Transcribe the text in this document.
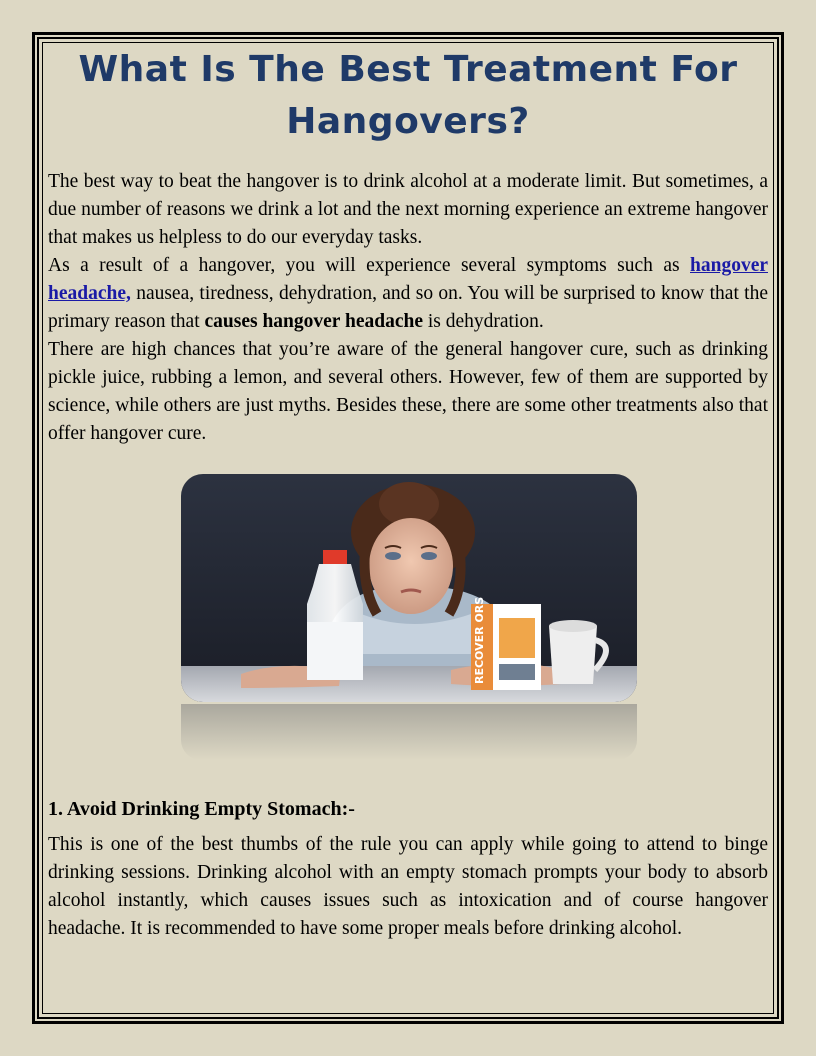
What Is The Best Treatment For Hangovers?

The best way to beat the hangover is to drink alcohol at a moderate limit. But sometimes, a due number of reasons we drink a lot and the next morning experience an extreme hangover that makes us helpless to do our everyday tasks.

As a result of a hangover, you will experience several symptoms such as hangover headache, nausea, tiredness, dehydration, and so on. You will be surprised to know that the primary reason that causes hangover headache is dehydration.

There are high chances that you’re aware of the general hangover cure, such as drinking pickle juice, rubbing a lemon, and several others. However, few of them are supported by science, while others are just myths. Besides these, there are some other treatments also that offer hangover cure.

RECOVER ORS
1. Avoid Drinking Empty Stomach:-

This is one of the best thumbs of the rule you can apply while going to attend to binge drinking sessions. Drinking alcohol with an empty stomach prompts your body to absorb alcohol instantly, which causes issues such as intoxication and of course hangover headache. It is recommended to have some proper meals before drinking alcohol.
